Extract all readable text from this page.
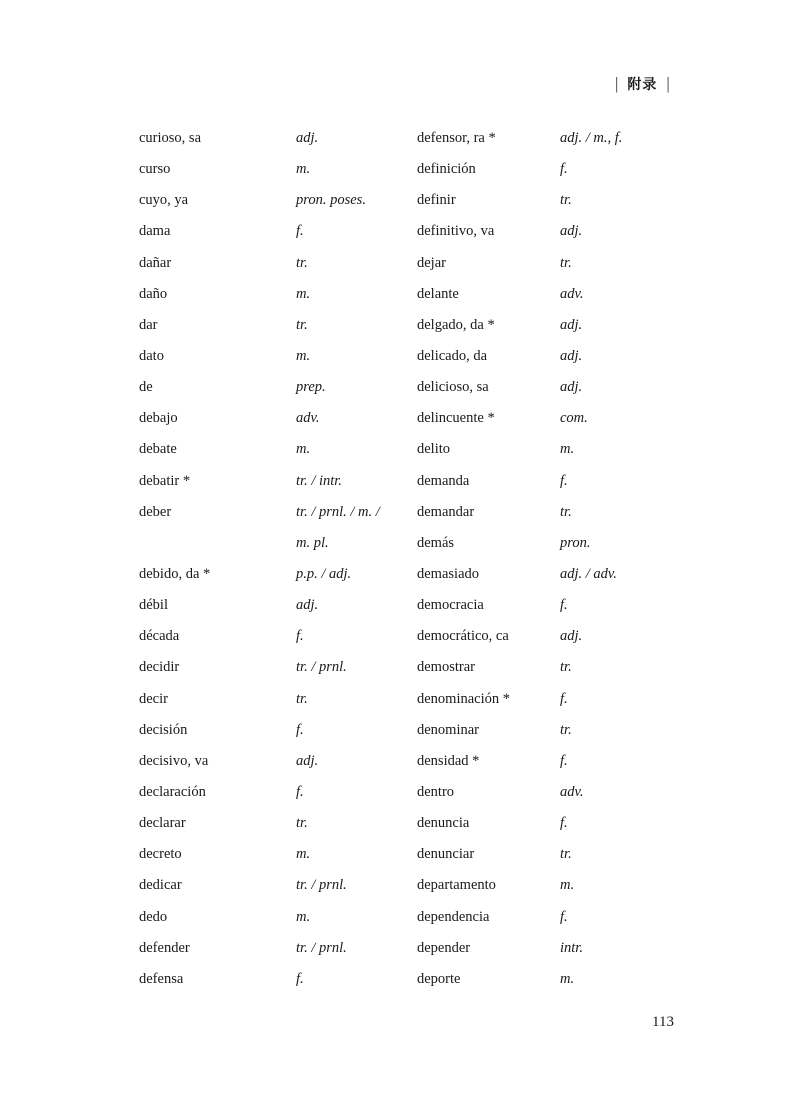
| 附录 |
curioso, sa
curso
cuyo, ya
dama
dañar
daño
dar
dato
de
debajo
debate
debatir *
deber
debido, da *
débil
década
decidir
decir
decisión
decisivo, va
declaración
declarar
decreto
dedicar
dedo
defender
defensa
adj.
m.
pron. poses.
f.
tr.
m.
tr.
m.
prep.
adv.
m.
tr. / intr.
tr. / prnl. / m. /
m. pl.
p.p. / adj.
adj.
f.
tr. / prnl.
tr.
f.
adj.
f.
tr.
m.
tr. / prnl.
m.
tr. / prnl.
f.
defensor, ra *
definición
definir
definitivo, va
dejar
delante
delgado, da *
delicado, da
delicioso, sa
delincuente *
delito
demanda
demandar
demás
demasiado
democracia
democrático, ca
demostrar
denominación *
denominar
densidad *
dentro
denuncia
denunciar
departamento
dependencia
depender
deporte
adj. / m., f.
f.
tr.
adj.
tr.
adv.
adj.
adj.
adj.
com.
m.
f.
tr.
pron.
adj. / adv.
f.
adj.
tr.
f.
tr.
f.
adv.
f.
tr.
m.
f.
intr.
m.
113
